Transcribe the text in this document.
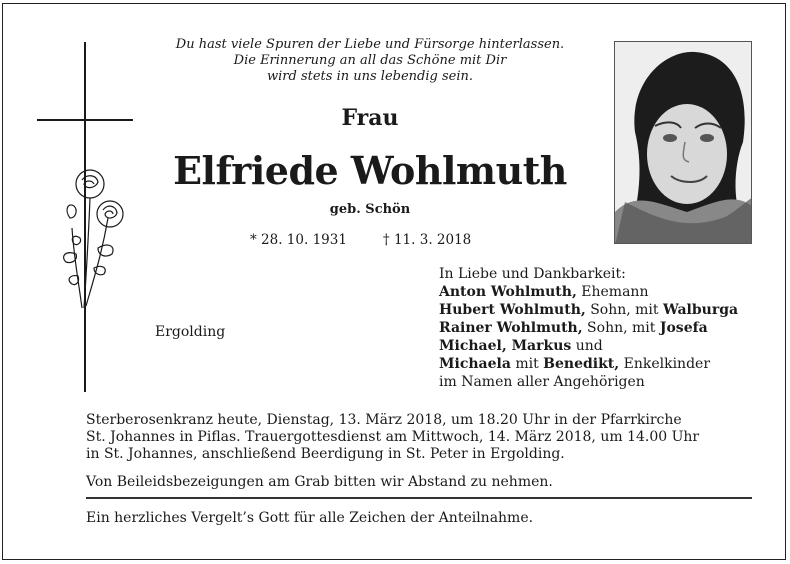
Du hast viele Spuren der Liebe und Fürsorge hinterlassen.
Die Erinnerung an all das Schöne mit Dir
wird stets in uns lebendig sein.
Frau
Elfriede Wohlmuth
geb. Schön
* 28. 10. 1931	† 11. 3. 2018
Ergolding
In Liebe und Dankbarkeit:
Anton Wohlmuth, Ehemann
Hubert Wohlmuth, Sohn, mit Walburga
Rainer Wohlmuth, Sohn, mit Josefa
Michael, Markus und
Michaela mit Benedikt, Enkelkinder
im Namen aller Angehörigen
Sterberosenkranz heute, Dienstag, 13. März 2018, um 18.20 Uhr in der Pfarrkirche
St. Johannes in Piflas. Trauergottesdienst am Mittwoch, 14. März 2018, um 14.00 Uhr
in St. Johannes, anschließend Beerdigung in St. Peter in Ergolding.
Von Beileidsbezeigungen am Grab bitten wir Abstand zu nehmen.
Ein herzliches Vergelt’s Gott für alle Zeichen der Anteilnahme.
